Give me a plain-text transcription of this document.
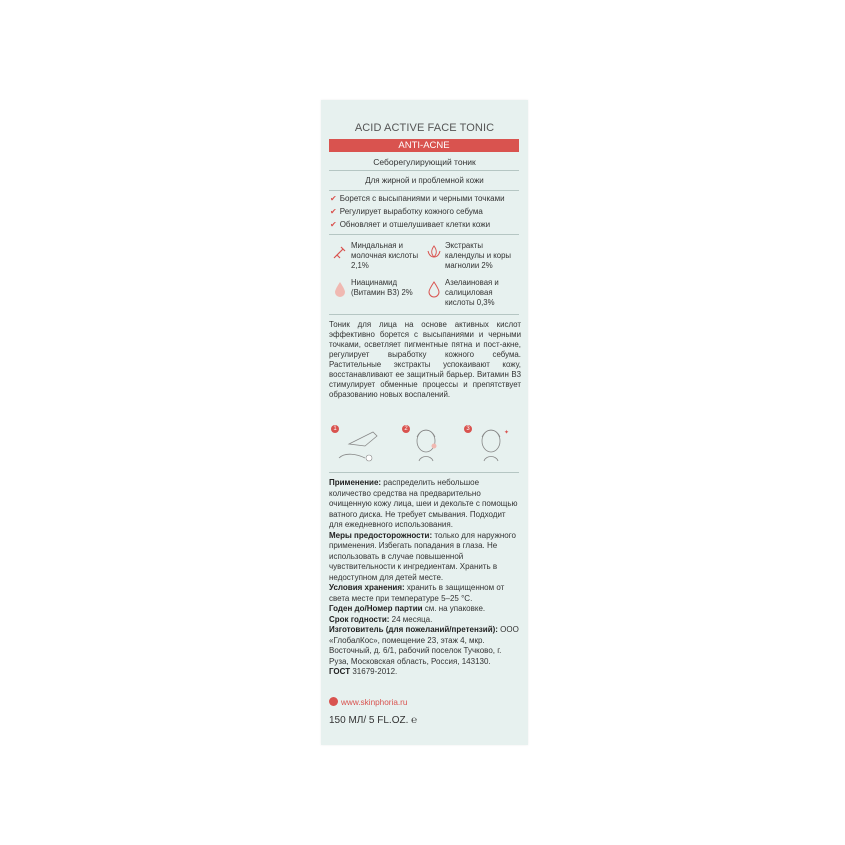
ACID ACTIVE FACE TONIC
ANTI-ACNE
Себорегулирующий тоник
Для жирной и проблемной кожи
✔ Борется с высыпаниями и черными точками
✔ Регулирует выработку кожного себума
✔ Обновляет и отшелушивает клетки кожи
Миндальная и молочная кислоты 2,1%
Экстракты календулы и коры магнолии 2%
Ниацинамид (Витамин В3) 2%
Азелаиновая и салициловая кислоты 0,3%
Тоник для лица на основе активных кислот эффективно борется с высыпаниями и черными точками, осветляет пигментные пятна и пост-акне, регулирует выработку кожного себума. Растительные экстракты успокаивают кожу, восстанавливают ее защитный барьер. Витамин В3 стимулирует обменные процессы и препятствует образованию новых воспалений.
1	2	3
✦
Применение: распределить небольшое количество средства на предварительно очищенную кожу лица, шеи и декольте с помощью ватного диска. Не требует смывания. Подходит для ежедневного использования.
Меры предосторожности: только для наружного применения. Избегать попадания в глаза. Не использовать в случае повышенной чувствительности к ингредиентам. Хранить в недоступном для детей месте.
Условия хранения: хранить в защищенном от света месте при температуре 5–25 °С.
Годен до/Номер партии см. на упаковке.
Срок годности: 24 месяца.
Изготовитель (для пожеланий/претензий): ООО «ГлобалКос», помещение 23, этаж 4, мкр. Восточный, д. 6/1, рабочий поселок Тучково, г. Руза, Московская область, Россия, 143130.
ГОСТ 31679-2012.
www.skinphoria.ru
150 МЛ/ 5 FL.OZ. ℮
